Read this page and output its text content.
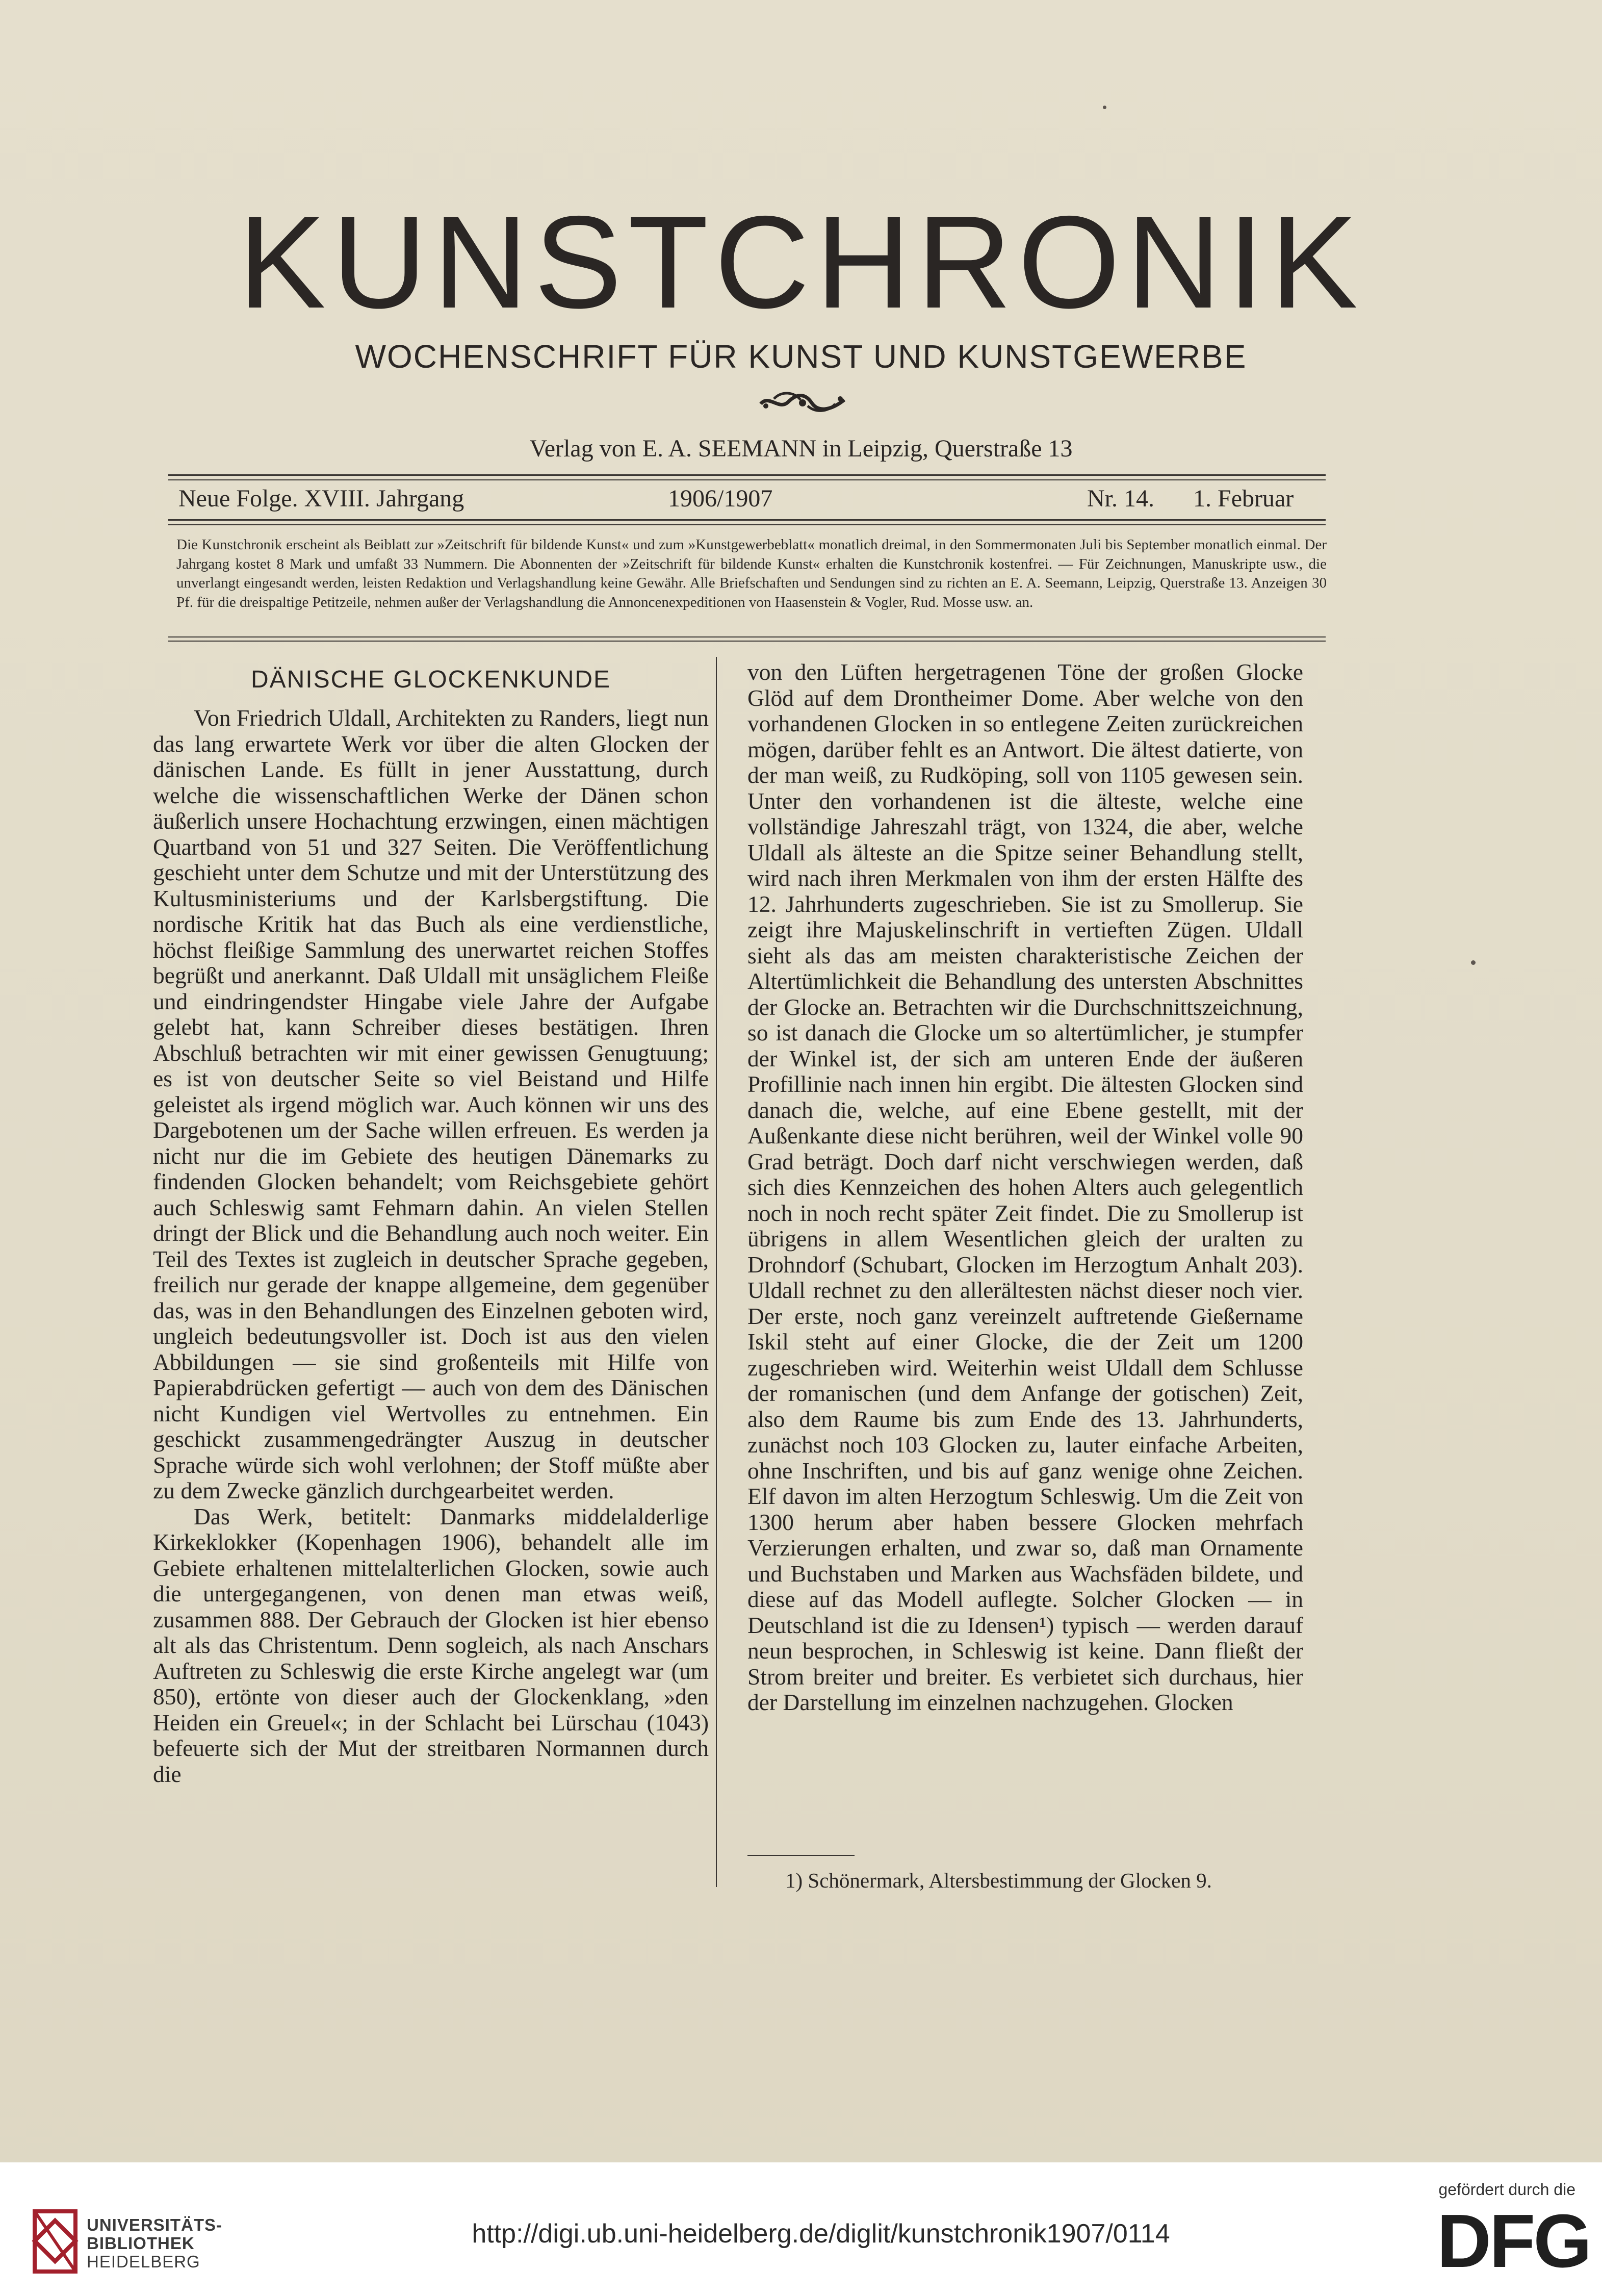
KUNSTCHRONIK
WOCHENSCHRIFT FÜR KUNST UND KUNSTGEWERBE
Verlag von E. A. SEEMANN in Leipzig, Querstraße 13
Neue Folge. XVIII. Jahrgang	1906/1907	Nr. 14. 1. Februar
Die Kunstchronik erscheint als Beiblatt zur »Zeitschrift für bildende Kunst« und zum »Kunstgewerbeblatt« monatlich dreimal, in den Sommermonaten Juli bis September monatlich einmal. Der Jahrgang kostet 8 Mark und umfaßt 33 Nummern. Die Abonnenten der »Zeitschrift für bildende Kunst« erhalten die Kunstchronik kostenfrei. — Für Zeichnungen, Manuskripte usw., die unverlangt eingesandt werden, leisten Redaktion und Verlagshandlung keine Gewähr. Alle Briefschaften und Sendungen sind zu richten an E. A. Seemann, Leipzig, Querstraße 13. Anzeigen 30 Pf. für die dreispaltige Petitzeile, nehmen außer der Verlagshandlung die Annoncenexpeditionen von Haasenstein & Vogler, Rud. Mosse usw. an.
DÄNISCHE GLOCKENKUNDE

Von Friedrich Uldall, Architekten zu Randers, liegt nun das lang erwartete Werk vor über die alten Glocken der dänischen Lande. Es füllt in jener Ausstattung, durch welche die wissenschaftlichen Werke der Dänen schon äußerlich unsere Hochachtung erzwingen, einen mächtigen Quartband von 51 und 327 Seiten. Die Veröffentlichung geschieht unter dem Schutze und mit der Unterstützung des Kultusministeriums und der Karlsbergstiftung. Die nordische Kritik hat das Buch als eine verdienstliche, höchst fleißige Sammlung des unerwartet reichen Stoffes begrüßt und anerkannt. Daß Uldall mit unsäglichem Fleiße und eindringendster Hingabe viele Jahre der Aufgabe gelebt hat, kann Schreiber dieses bestätigen. Ihren Abschluß betrachten wir mit einer gewissen Genugtuung; es ist von deutscher Seite so viel Beistand und Hilfe geleistet als irgend möglich war. Auch können wir uns des Dargebotenen um der Sache willen erfreuen. Es werden ja nicht nur die im Gebiete des heutigen Dänemarks zu findenden Glocken behandelt; vom Reichsgebiete gehört auch Schleswig samt Fehmarn dahin. An vielen Stellen dringt der Blick und die Behandlung auch noch weiter. Ein Teil des Textes ist zugleich in deutscher Sprache gegeben, freilich nur gerade der knappe allgemeine, dem gegenüber das, was in den Behandlungen des Einzelnen geboten wird, ungleich bedeutungsvoller ist. Doch ist aus den vielen Abbildungen — sie sind großenteils mit Hilfe von Papierabdrücken gefertigt — auch von dem des Dänischen nicht Kundigen viel Wertvolles zu entnehmen. Ein geschickt zusammengedrängter Auszug in deutscher Sprache würde sich wohl verlohnen; der Stoff müßte aber zu dem Zwecke gänzlich durchgearbeitet werden.

Das Werk, betitelt: Danmarks middelalderlige Kirkeklokker (Kopenhagen 1906), behandelt alle im Gebiete erhaltenen mittelalterlichen Glocken, sowie auch die untergegangenen, von denen man etwas weiß, zusammen 888. Der Gebrauch der Glocken ist hier ebenso alt als das Christentum. Denn sogleich, als nach Anschars Auftreten zu Schleswig die erste Kirche angelegt war (um 850), ertönte von dieser auch der Glockenklang, »den Heiden ein Greuel«; in der Schlacht bei Lürschau (1043) befeuerte sich der Mut der streitbaren Normannen durch die

von den Lüften hergetragenen Töne der großen Glocke Glöd auf dem Drontheimer Dome. Aber welche von den vorhandenen Glocken in so entlegene Zeiten zurückreichen mögen, darüber fehlt es an Antwort. Die ältest datierte, von der man weiß, zu Rudköping, soll von 1105 gewesen sein. Unter den vorhandenen ist die älteste, welche eine vollständige Jahreszahl trägt, von 1324, die aber, welche Uldall als älteste an die Spitze seiner Behandlung stellt, wird nach ihren Merkmalen von ihm der ersten Hälfte des 12. Jahrhunderts zugeschrieben. Sie ist zu Smollerup. Sie zeigt ihre Majuskelinschrift in vertieften Zügen. Uldall sieht als das am meisten charakteristische Zeichen der Altertümlichkeit die Behandlung des untersten Abschnittes der Glocke an. Betrachten wir die Durchschnittszeichnung, so ist danach die Glocke um so altertümlicher, je stumpfer der Winkel ist, der sich am unteren Ende der äußeren Profillinie nach innen hin ergibt. Die ältesten Glocken sind danach die, welche, auf eine Ebene gestellt, mit der Außenkante diese nicht berühren, weil der Winkel volle 90 Grad beträgt. Doch darf nicht verschwiegen werden, daß sich dies Kennzeichen des hohen Alters auch gelegentlich noch in noch recht später Zeit findet. Die zu Smollerup ist übrigens in allem Wesentlichen gleich der uralten zu Drohndorf (Schubart, Glocken im Herzogtum Anhalt 203). Uldall rechnet zu den allerältesten nächst dieser noch vier. Der erste, noch ganz vereinzelt auftretende Gießername Iskil steht auf einer Glocke, die der Zeit um 1200 zugeschrieben wird. Weiterhin weist Uldall dem Schlusse der romanischen (und dem Anfange der gotischen) Zeit, also dem Raume bis zum Ende des 13. Jahrhunderts, zunächst noch 103 Glocken zu, lauter einfache Arbeiten, ohne Inschriften, und bis auf ganz wenige ohne Zeichen. Elf davon im alten Herzogtum Schleswig. Um die Zeit von 1300 herum aber haben bessere Glocken mehrfach Verzierungen erhalten, und zwar so, daß man Ornamente und Buchstaben und Marken aus Wachsfäden bildete, und diese auf das Modell auflegte. Solcher Glocken — in Deutschland ist die zu Idensen¹) typisch — werden darauf neun besprochen, in Schleswig ist keine. Dann fließt der Strom breiter und breiter. Es verbietet sich durchaus, hier der Darstellung im einzelnen nachzugehen. Glocken

1) Schönermark, Altersbestimmung der Glocken 9.
UNIVERSITÄTS-
BIBLIOTHEK
HEIDELBERG
http://digi.ub.uni-heidelberg.de/diglit/kunstchronik1907/0114
gefördert durch die
DFG
